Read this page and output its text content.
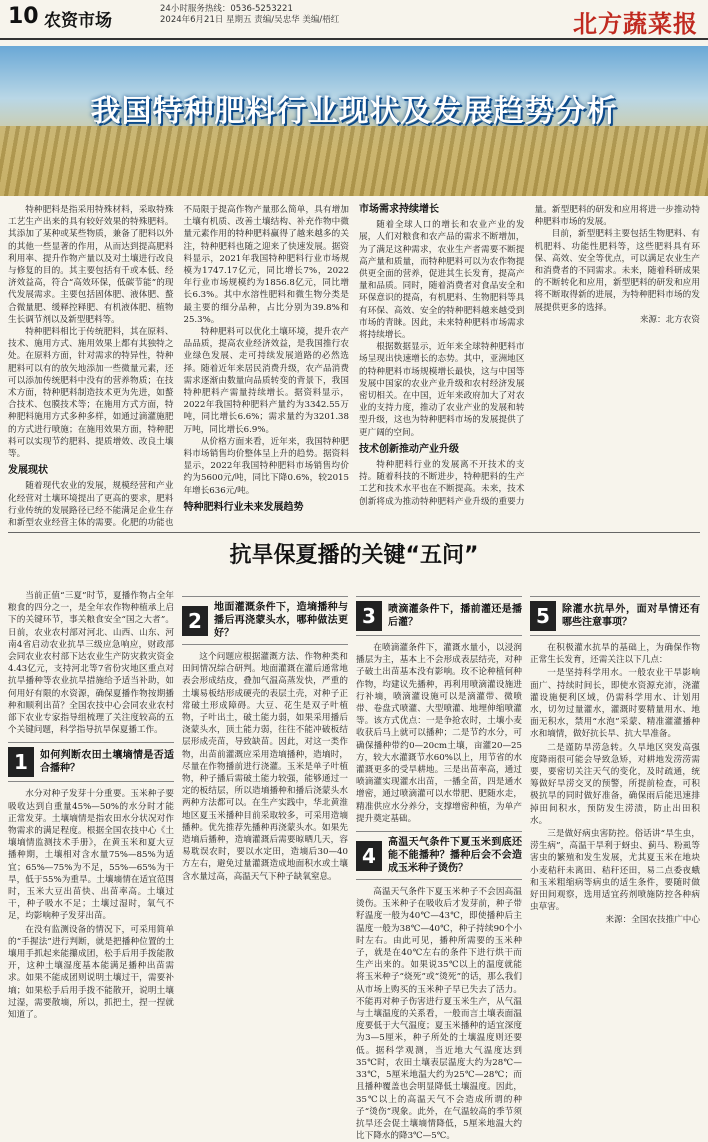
10 农资市场
24小时服务热线：0536-5253221
2024年6月21日 星期五 责编/吴忠华 美编/梧红	北方蔬菜报
我国特种肥料行业现状及发展趋势分析

特种肥料是指采用特殊材料，采取特殊工艺生产出来的具有较好效果的特殊肥料。其添加了某种或某些物质，兼备了肥料以外的其他一些显著的作用，从而达到提高肥料利用率、提升作物产量以及对土壤进行改良与修复的目的。其主要包括有千或本低、经济效益高，符合“高效环保，低碳节能”的现代发展需求。主要包括固体肥、液体肥、螯合微量肥、缓释控释肥、有机液体肥、植物生长调节剂以及新型肥料等。

特种肥料相比于传统肥料，其在原料、技术、施用方式、施用效果上都有其独特之处。在原料方面，针对需求的特异性，特种肥料可以有的放矢地添加一些微量元素，还可以添加传统肥料中没有的营养物质；在技术方面，特种肥料制造技术更为先进，如螯合技术、包膜技术等；在施用方式方面，特种肥料施用方式多种多样，如通过滴灌施肥的方式进行喷施；在施用效果方面，特种肥料可以实现节约肥料、提质增效、改良土壤等。

发展现状

随着现代农业的发展，规模经营和产业化经营对土壤环境提出了更高的要求，肥料行业传统的发展路径已经不能满足企业生存和新型农业经营主体的需要。化肥的功能也不局限于提高作物产量那么简单，具有增加土壤有机质、改善土壤结构、补充作物中微量元素作用的特种肥料赢得了越来越多的关注，特种肥料也随之迎来了快速发展。据资料显示，2021年我国特种肥料行业市场规模为1747.17亿元，同比增长7%，2022年行业市场规模约为1856.8亿元，同比增长6.3%。其中水溶性肥料和微生物分类是最主要的细分品种，占比分别为39.8%和25.3%。

特种肥料可以优化土壤环境，提升农产品品质，提高农业经济效益，是我国推行农业绿色发展、走可持续发展道路的必然选择。随着近年来居民消费升级，农产品消费需求逐渐由数量向品质转变的背景下，我国特种肥料产需量持续增长。据资料显示，2022年我国特种肥料产量约为3342.55万吨，同比增长6.6%；需求量约为3201.38万吨，同比增长6.9%。

从价格方面来看，近年来，我国特种肥料市场销售均价整体呈上升的趋势。据资料显示，2022年我国特种肥料市场销售均价约为5600元/吨，同比下降0.6%，较2015年增长636元/吨。

特种肥料行业未来发展趋势
市场需求持续增长

随着全球人口的增长和农业产业的发展，人们对粮食和农产品的需求不断增加，为了满足这种需求，农业生产者需要不断提高产量和质量，而特种肥料可以为农作物提供更全面的营养，促进其生长发育，提高产量和品质。同时，随着消费者对食品安全和环保意识的提高，有机肥料、生物肥料等具有环保、高效、安全的特种肥料越来越受到市场的青睐。因此，未来特种肥料市场需求将持续增长。

根据数据显示，近年来全球特种肥料市场呈现出快速增长的态势。其中，亚洲地区的特种肥料市场规模增长最快，这与中国等发展中国家的农业产业升级和农村经济发展密切相关。在中国，近年来政府加大了对农业的支持力度，推动了农业产业的发展和转型升级，这也为特种肥料市场的发展提供了更广阔的空间。

技术创新推动产业升级

特种肥料行业的发展离不开技术的支持。随着科技的不断进步，特种肥料的生产工艺和技术水平也在不断提高。未来，技术创新将成为推动特种肥料产业升级的重要力量。新型肥料的研发和应用将进一步推动特种肥料市场的发展。

目前，新型肥料主要包括生物肥料、有机肥料、功能性肥料等，这些肥料具有环保、高效、安全等优点，可以满足农业生产和消费者的不同需求。未来，随着科研成果的不断转化和应用，新型肥料的研发和应用将不断取得新的进展，为特种肥料市场的发展提供更多的选择。

来源：北方农资

抗旱保夏播的关键“五问”

当前正值“三夏”时节，夏播作物占全年粮食的四分之一，是全年农作物种植承上启下的关键环节，事关粮食安全“国之大者”。日前，农业农村部对河北、山西、山东、河南4省启动农业抗旱三级应急响应，财政部会同农业农村部下达农业生产防灾救灾资金4.43亿元，支持河北等7省份灾地区重点对抗旱播种等农业抗旱措施给予适当补助，如何用好有限的水资源，确保夏播作物按期播种和顺利出苗？全国农技中心会同农业农村部下农业专家指导组梳理了关注度较高的五个关键问题，科学指导抗旱保夏播工作。

1	如何判断农田土壤墒情是否适合播种？

水分对种子发芽十分重要。玉米种子要吸收达到自重量45%—50%的水分时才能正常发芽。土壤墒情是指农田水分状况对作物需求的满足程度。根据全国农技中心《土壤墒情监测技术手册》，在黄玉米和夏大豆播种期，土壤相对含水量75%—85%为适宜；65%—75%为不足，55%—65%为干旱，低于55%为重旱。土壤墒情在适宜范围时，玉米大豆出苗快、出苗率高。土壤过干，种子吸水不足；土壤过湿时，氧气不足，均影响种子发芽出苗。

在没有监测设备的情况下，可采用简单的“手握法”进行判断，就是把播种位置的土壤用手抓起来能攥成团，松手后用手拨能散开，这种土壤湿度基本能满足播种出苗需求。如果不能成团则说明土壤过干，需要补墒；如果松手后用手拨不能散开，说明土壤过湿，需要散墒，所以，抓把土，捏一捏就知道了。

2
地面灌溉条件下，造墒播种与播后再浇蒙头水，哪种做法更好？

这个问题应根据灌溉方法、作物种类和田间情况综合研判。地面灌溉在灌后通常地表会形成结皮，叠加气温高蒸发快，严重的土壤易板结形成硬壳的表层土壳，对种子正常破土形成障碍。大豆、花生是双子叶植物，子叶出土，破土能力弱，如果采用播后浇蒙头水，顶土能力弱，往往不能冲破板结层形成壳苗，导致缺苗。因此，对这一类作物，出苗前灌溉应采用造墒播种，造墒时，尽量在作物播前进行浇灌。玉米是单子叶植物，种子播后需破土能力较强，能够通过一定的板结层，所以造墒播种和播后浇蒙头水两种方法都可以。在生产实践中，华北黄淮地区夏玉米播种目前采取较多，可采用造墒播种。优先推荐先播种再浇蒙头水。如果先造墒后播种，造墒灌溉后需要晾晒几天，容易耽误农时，要以水定田，造墒后30—40方左右，避免过量灌溉造成地面积水或土壤含水量过高，高温天气下种子缺氧窒息。

3	喷滴灌条件下，播前灌还是播后灌？

在喷滴灌条件下，灌溉水量小，以浸润播层为主，基本上不会形成表层结壳，对种子破土出苗基本没有影响。玫不论种植何种作物，均建议先播种，再利用喷滴灌设施进行补墒，喷滴灌设施可以是滴灌带、微喷带、卷盘式喷灌、大型喷灌、地埋伸缩喷灌等。该方式优点：一是争抢农时，土壤小麦收获后马上就可以播种；二是节约水分，可确保播种带约0—20cm土壤，亩灌20—25方，较大水灌溉节水60%以上，用节省的水灌溉更多的受旱耕地。三是出苗率高，通过喷滴灌实现灌水出苗，一播全苗，四是通水增密，通过喷滴灌可以水带肥、肥随水走，精准供应水分养分，支撑增密种植，为单产提升奠定基础。

4
高温天气条件下夏玉米到底还能不能播种？播种后会不会造成玉米种子烫伤？

高温天气条件下夏玉米种子不会因高温烫伤。玉米种子在吸收后才发芽前，种子带籽温度一般为40℃—43℃，即使播种后主温度一般为38℃—40℃，种子持续90个小时左右。由此可见，播种所需要的玉米种子，就是在40℃左右的条件下进行烘干而生产出来的。如果说35℃以上的温度就能将玉米种子“烧死”或“烫死”的话，那么我们从市场上购买的玉米种子早已失去了活力。不能再对种子伤害进行夏玉米生产，从气温与土壤温度的关系看，一般而言土壤表面温度要低于大气温度；夏玉米播种的适宜深度为3—5厘米，种子所处的土壤温度则还要低。据科学观测，当近地大气温度达到35℃时，农田土壤表层温度大约为28℃—33℃，5厘米地温大约为25℃—28℃；而且播种覆盖也会明显降低土壤温度。因此，35℃以上的高温天气不会造成所谓的种子“烫伤”现象。此外，在气温较高的季节须抗旱还会促土壤墒情降低，5厘米地温大约比下降水的降3℃—5℃。

5	除灌水抗旱外，面对旱情还有哪些注意事项？

在积极灌水抗旱的基础上，为确保作物正常生长发育，还需关注以下几点：

一是坚持科学用水。一般农业干旱影响面广、持续时间长，即使水资源充沛，浇灌灌设施便利区域，仍需科学用水、计划用水，切勿过量灌水，灌溉时要精量用水、地面无积水，禁用“水泡”采蒙、精准灌灌播种水和墒情，做好抗长旱、抗大旱准备。

二是谨防旱涝急转。久旱地区突发高强度降雨很可能会导致急矫，对耕地发涝涝需要，要密切关注天气的变化，及时疏通，统筹做好旱涝交叉的预警，所提前检查，可积极抗旱的同时做好准备，确保雨后能迅速排掉田间积水，预防发生涝渍，防止出田积水。

三是做好病虫害防控。俗话讲“旱生虫，涝生病”，高温干旱利于蚜虫、蓟马、粉虱等害虫的繁殖和发生发展，尤其夏玉米在地块小麦秸秆未离田、秸秆还田，易二点委夜蛾和玉米粗缩病等病虫的适生条件，要随时做好田间观察，选用适宜药剂喷施防控各种病虫草害。

来源：全国农技推广中心
